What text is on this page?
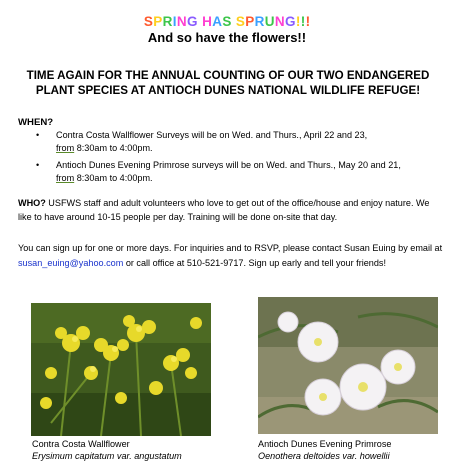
SPRING HAS SPRUNG!!!
And so have the flowers!!
TIME AGAIN FOR THE ANNUAL COUNTING OF OUR TWO ENDANGERED PLANT SPECIES AT ANTIOCH DUNES NATIONAL WILDLIFE REFUGE!
WHEN?
• Contra Costa Wallflower Surveys will be on Wed. and Thurs., April 22 and 23,
from 8:30am to 4:00pm.
• Antioch Dunes Evening Primrose surveys will be on Wed. and Thurs., May 20 and 21,
from 8:30am to 4:00pm.
WHO? USFWS staff and adult volunteers who love to get out of the office/house and enjoy nature. We like to have around 10-15 people per day. Training will be done on-site that day.
You can sign up for one or more days. For inquiries and to RSVP, please contact Susan Euing by email at susan_euing@yahoo.com or call office at 510-521-9717. Sign up early and tell your friends!
Contra Costa Wallflower
Erysimum capitatum var. angustatum
Antioch Dunes Evening Primrose
Oenothera deltoides var. howellii
